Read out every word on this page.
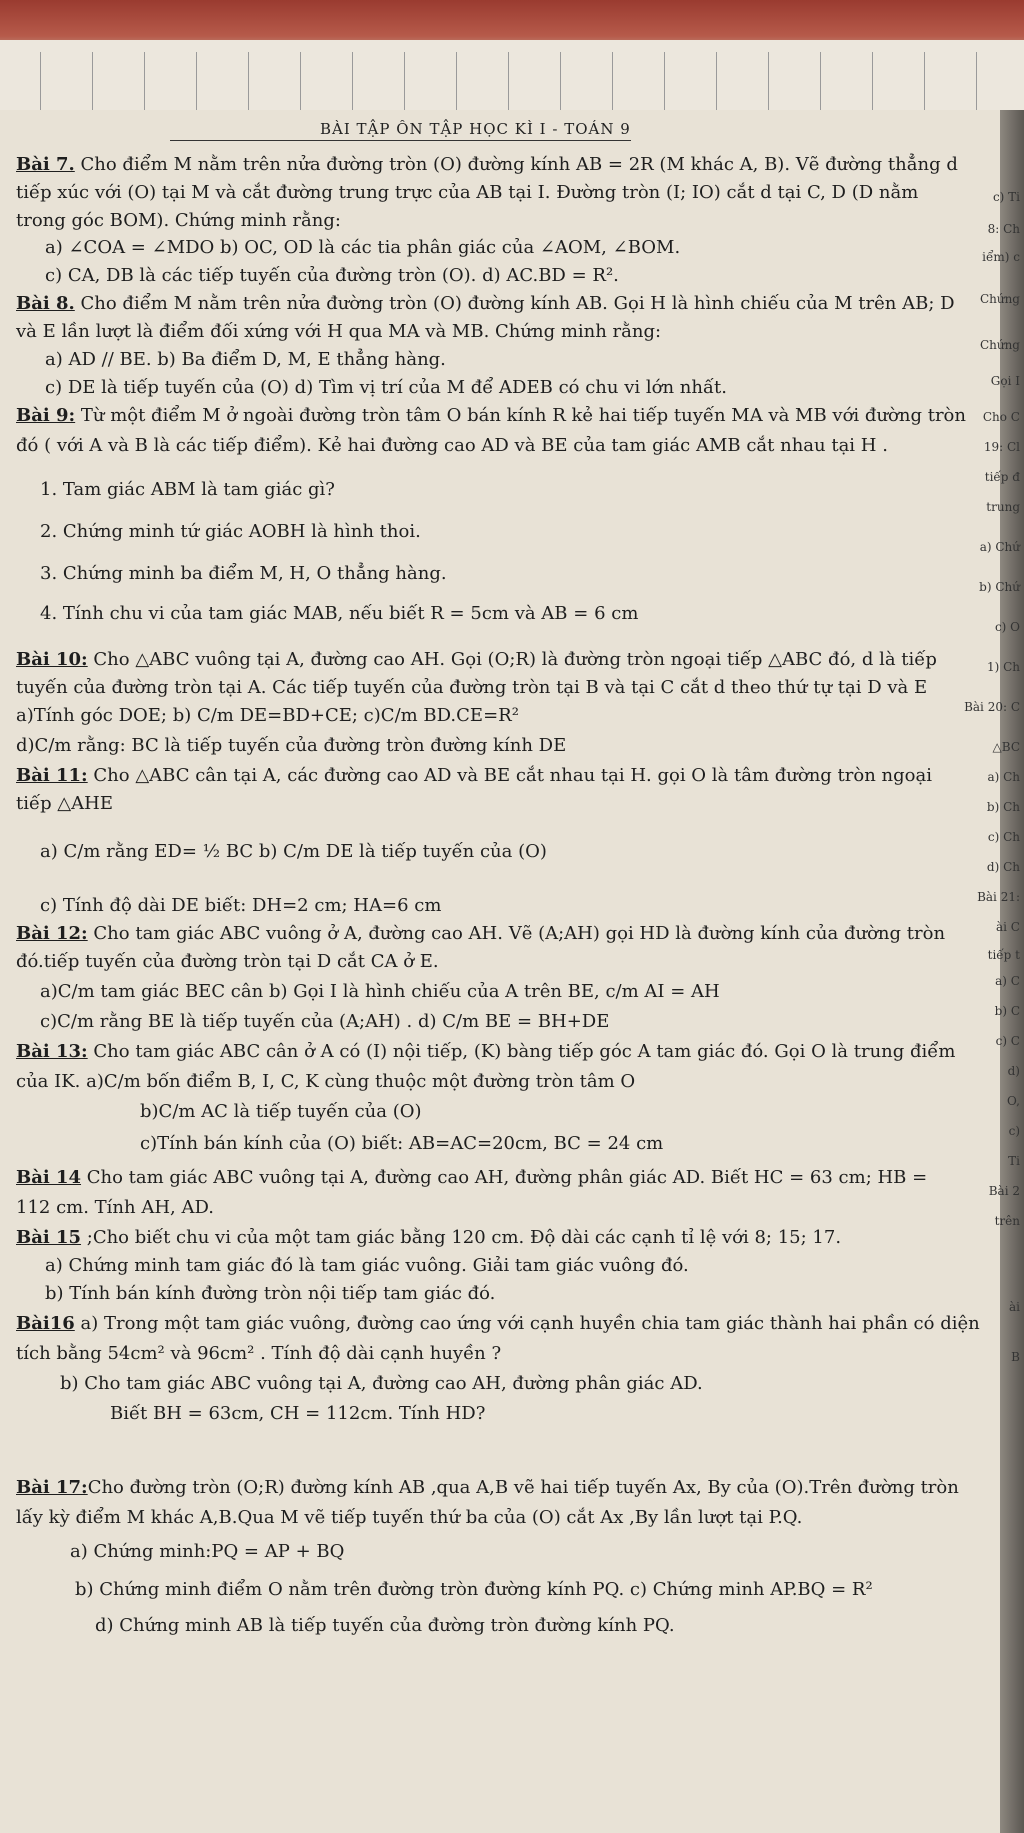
BÀI TẬP ÔN TẬP HỌC KÌ I - TOÁN 9
Bài 7. Cho điểm M nằm trên nửa đường tròn (O) đường kính AB = 2R (M khác A, B). Vẽ đường thẳng d
tiếp xúc với (O) tại M và cắt đường trung trực của AB tại I. Đường tròn (I; IO) cắt d tại C, D (D nằm
trong góc BOM). Chứng minh rằng:
a) ∠COA = ∠MDO b) OC, OD là các tia phân giác của ∠AOM, ∠BOM.
c) CA, DB là các tiếp tuyến của đường tròn (O). d) AC.BD = R².
Bài 8. Cho điểm M nằm trên nửa đường tròn (O) đường kính AB. Gọi H là hình chiếu của M trên AB; D
và E lần lượt là điểm đối xứng với H qua MA và MB. Chứng minh rằng:
a) AD // BE. b) Ba điểm D, M, E thẳng hàng.
c) DE là tiếp tuyến của (O) d) Tìm vị trí của M để ADEB có chu vi lớn nhất.
Bài 9: Từ một điểm M ở ngoài đường tròn tâm O bán kính R kẻ hai tiếp tuyến MA và MB với đường tròn
đó ( với A và B là các tiếp điểm). Kẻ hai đường cao AD và BE của tam giác AMB cắt nhau tại H .
1. Tam giác ABM là tam giác gì?
2. Chứng minh tứ giác AOBH là hình thoi.
3. Chứng minh ba điểm M, H, O thẳng hàng.
4. Tính chu vi của tam giác MAB, nếu biết R = 5cm và AB = 6 cm
Bài 10: Cho △ABC vuông tại A, đường cao AH. Gọi (O;R) là đường tròn ngoại tiếp △ABC đó, d là tiếp
tuyến của đường tròn tại A. Các tiếp tuyến của đường tròn tại B và tại C cắt d theo thứ tự tại D và E
a)Tính góc DOE; b) C/m DE=BD+CE; c)C/m BD.CE=R²
d)C/m rằng: BC là tiếp tuyến của đường tròn đường kính DE
Bài 11: Cho △ABC cân tại A, các đường cao AD và BE cắt nhau tại H. gọi O là tâm đường tròn ngoại
tiếp △AHE
a) C/m rằng ED= ½ BC b) C/m DE là tiếp tuyến của (O)
c) Tính độ dài DE biết: DH=2 cm; HA=6 cm
Bài 12: Cho tam giác ABC vuông ở A, đường cao AH. Vẽ (A;AH) gọi HD là đường kính của đường tròn
đó.tiếp tuyến của đường tròn tại D cắt CA ở E.
a)C/m tam giác BEC cân b) Gọi I là hình chiếu của A trên BE, c/m AI = AH
c)C/m rằng BE là tiếp tuyến của (A;AH) . d) C/m BE = BH+DE
Bài 13: Cho tam giác ABC cân ở A có (I) nội tiếp, (K) bàng tiếp góc A tam giác đó. Gọi O là trung điểm
của IK. a)C/m bốn điểm B, I, C, K cùng thuộc một đường tròn tâm O
b)C/m AC là tiếp tuyến của (O)
c)Tính bán kính của (O) biết: AB=AC=20cm, BC = 24 cm
Bài 14 Cho tam giác ABC vuông tại A, đường cao AH, đường phân giác AD. Biết HC = 63 cm; HB =
112 cm. Tính AH, AD.
Bài 15 ;Cho biết chu vi của một tam giác bằng 120 cm. Độ dài các cạnh tỉ lệ với 8; 15; 17.
a) Chứng minh tam giác đó là tam giác vuông. Giải tam giác vuông đó.
b) Tính bán kính đường tròn nội tiếp tam giác đó.
Bài16 a) Trong một tam giác vuông, đường cao ứng với cạnh huyền chia tam giác thành hai phần có diện
tích bằng 54cm² và 96cm² . Tính độ dài cạnh huyền ?
b) Cho tam giác ABC vuông tại A, đường cao AH, đường phân giác AD.
Biết BH = 63cm, CH = 112cm. Tính HD?
Bài 17:Cho đường tròn (O;R) đường kính AB ,qua A,B vẽ hai tiếp tuyến Ax, By của (O).Trên đường tròn
lấy kỳ điểm M khác A,B.Qua M vẽ tiếp tuyến thứ ba của (O) cắt Ax ,By lần lượt tại P.Q.
a) Chứng minh:PQ = AP + BQ
b) Chứng minh điểm O nằm trên đường tròn đường kính PQ. c) Chứng minh AP.BQ = R²
d) Chứng minh AB là tiếp tuyến của đường tròn đường kính PQ.
c) Ti
8: Ch
iểm) c
Chứng
Chứng
Gọi I
Cho C
19: Cl
tiếp đ
trung
a) Chứ
b) Chứ
c) O
1) Ch
Bài 20: C
△BC
a) Ch
b) Ch
c) Ch
d) Ch
Bài 21:
ài C
tiếp t
a) C
b) C
c) C
d)
O,
c)
Ti
Bài 2
trên
ài
B
